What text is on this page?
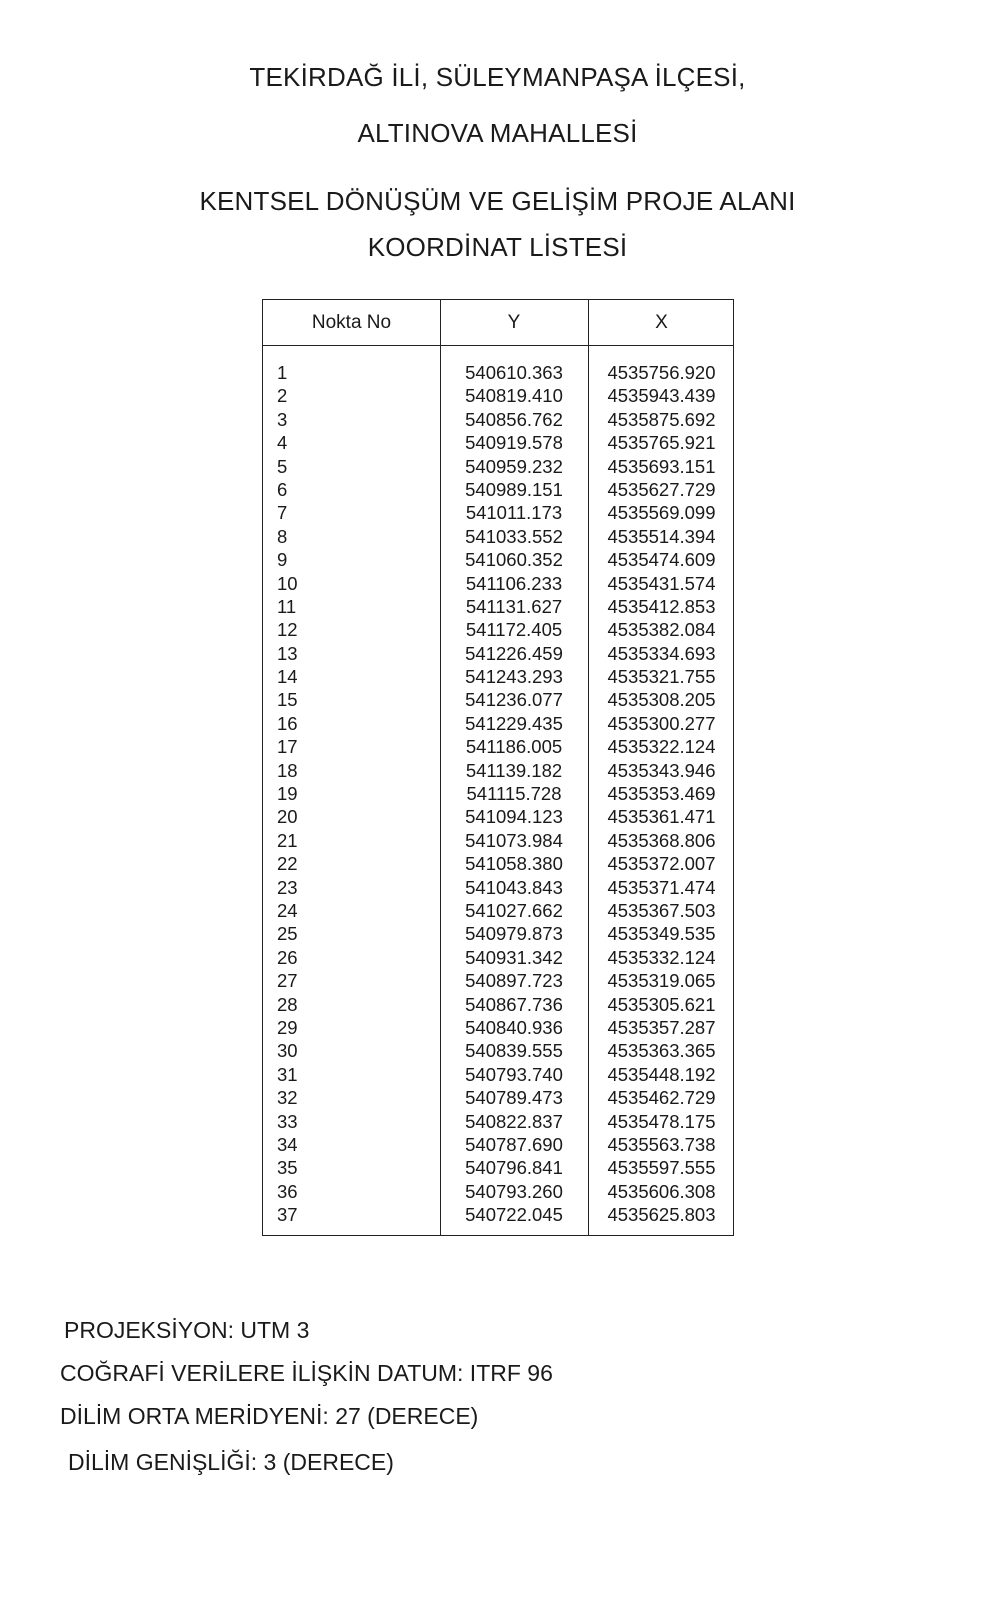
TEKİRDAĞ İLİ, SÜLEYMANPAŞA İLÇESİ,
ALTINOVA MAHALLESİ
KENTSEL DÖNÜŞÜM VE GELİŞİM PROJE ALANI
KOORDİNAT LİSTESİ
Nokta No	Y	X
1	540610.363	4535756.920
2	540819.410	4535943.439
3	540856.762	4535875.692
4	540919.578	4535765.921
5	540959.232	4535693.151
6	540989.151	4535627.729
7	541011.173	4535569.099
8	541033.552	4535514.394
9	541060.352	4535474.609
10	541106.233	4535431.574
11	541131.627	4535412.853
12	541172.405	4535382.084
13	541226.459	4535334.693
14	541243.293	4535321.755
15	541236.077	4535308.205
16	541229.435	4535300.277
17	541186.005	4535322.124
18	541139.182	4535343.946
19	541115.728	4535353.469
20	541094.123	4535361.471
21	541073.984	4535368.806
22	541058.380	4535372.007
23	541043.843	4535371.474
24	541027.662	4535367.503
25	540979.873	4535349.535
26	540931.342	4535332.124
27	540897.723	4535319.065
28	540867.736	4535305.621
29	540840.936	4535357.287
30	540839.555	4535363.365
31	540793.740	4535448.192
32	540789.473	4535462.729
33	540822.837	4535478.175
34	540787.690	4535563.738
35	540796.841	4535597.555
36	540793.260	4535606.308
37	540722.045	4535625.803
PROJEKSİYON: UTM 3
COĞRAFİ VERİLERE İLİŞKİN DATUM: ITRF 96
DİLİM ORTA MERİDYENİ: 27 (DERECE)
DİLİM GENİŞLİĞİ: 3 (DERECE)
